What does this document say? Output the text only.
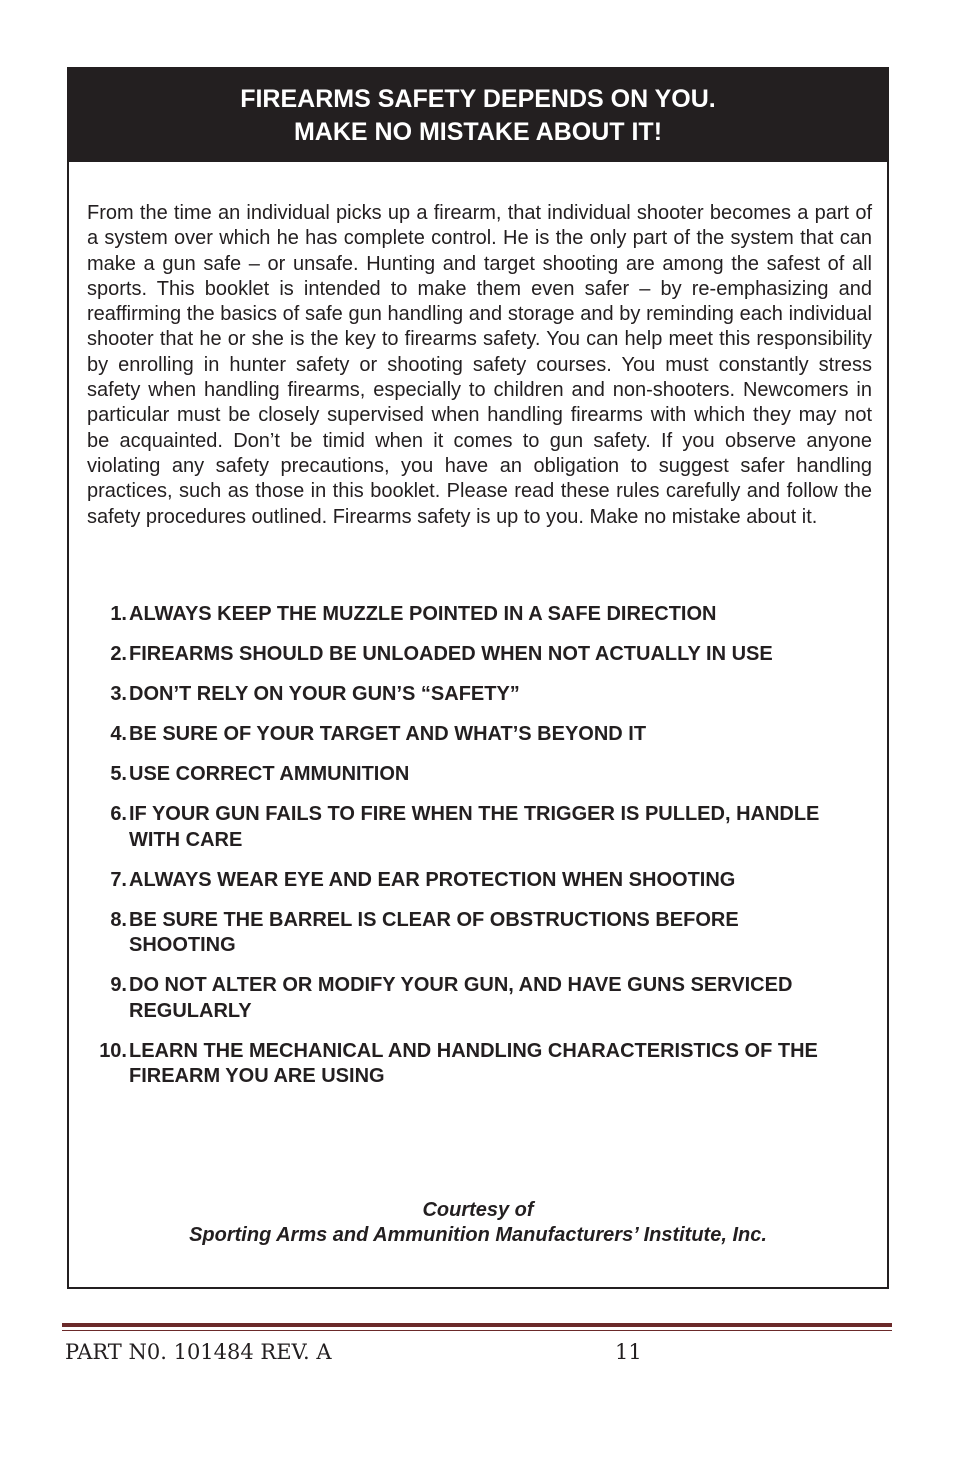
FIREARMS SAFETY DEPENDS ON YOU.
MAKE NO MISTAKE ABOUT IT!

From the time an individual picks up a firearm, that individual shooter becomes a part of a system over which he has complete control. He is the only part of the system that can make a gun safe – or unsafe. Hunting and target shooting are among the safest of all sports. This booklet is intended to make them even safer – by re-emphasizing and reaffirming the basics of safe gun handling and storage and by reminding each individual shooter that he or she is the key to firearms safety. You can help meet this responsibility by enrolling in hunter safety or shooting safety courses. You must constantly stress safety when handling firearms, especially to children and non-shooters. Newcomers in particular must be closely supervised when handling firearms with which they may not be acquainted. Don’t be timid when it comes to gun safety. If you observe anyone violating any safety precautions, you have an obligation to suggest safer handling practices, such as those in this booklet. Please read these rules carefully and follow the safety procedures outlined. Firearms safety is up to you. Make no mistake about it.

1. ALWAYS KEEP THE MUZZLE POINTED IN A SAFE DIRECTION
2. FIREARMS SHOULD BE UNLOADED WHEN NOT ACTUALLY IN USE
3. DON’T RELY ON YOUR GUN’S “SAFETY”
4. BE SURE OF YOUR TARGET AND WHAT’S BEYOND IT
5. USE CORRECT AMMUNITION
6. IF YOUR GUN FAILS TO FIRE WHEN THE TRIGGER IS PULLED, HANDLE WITH CARE
7. ALWAYS WEAR EYE AND EAR PROTECTION WHEN SHOOTING
8. BE SURE THE BARREL IS CLEAR OF OBSTRUCTIONS BEFORE SHOOTING
9. DO NOT ALTER OR MODIFY YOUR GUN, AND HAVE GUNS SERVICED REGULARLY
10. LEARN THE MECHANICAL AND HANDLING CHARACTERISTICS OF THE FIREARM YOU ARE USING
Courtesy of
Sporting Arms and Ammunition Manufacturers’ Institute, Inc.
PART N0. 101484 REV. A	11
